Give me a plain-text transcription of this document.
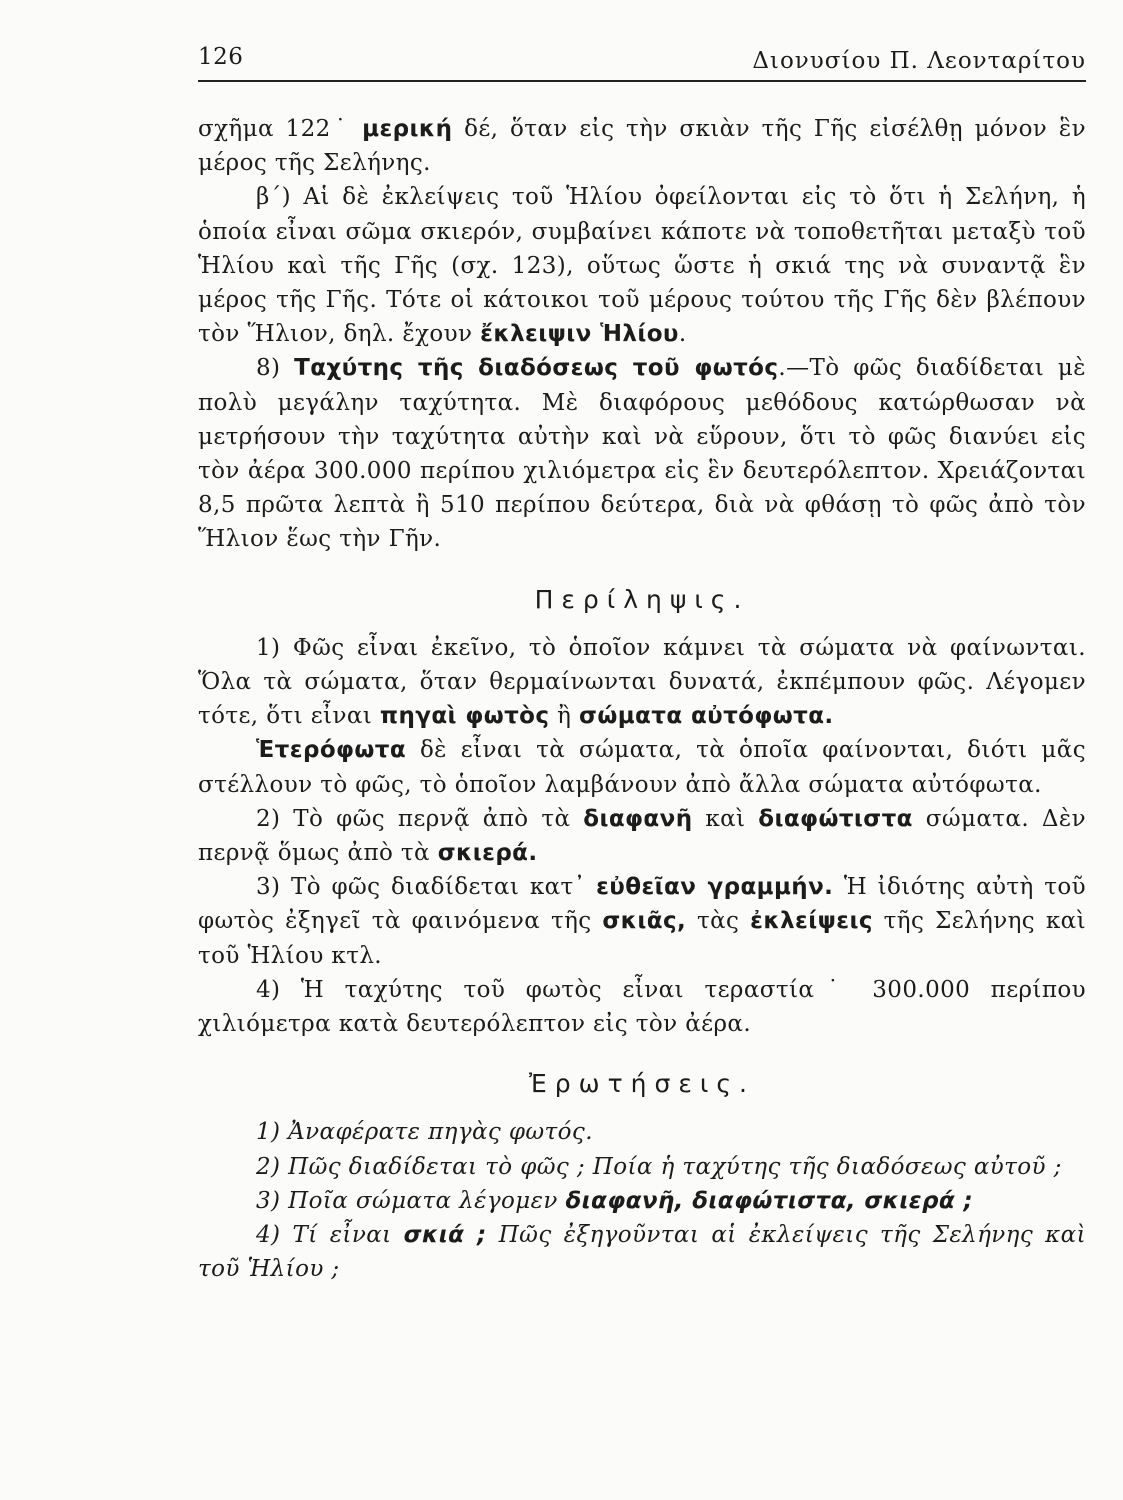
126	Διονυσίου Π. Λεονταρίτου

σχῆμα 122˙ μερική δέ, ὅταν εἰς τὴν σκιὰν τῆς Γῆς εἰσέλθῃ μόνον ἓν μέρος τῆς Σελήνης.

β΄) Αἱ δὲ ἐκλείψεις τοῦ Ἡλίου ὀφείλονται εἰς τὸ ὅτι ἡ Σελήνη, ἡ ὁποία εἶναι σῶμα σκιερόν, συμβαίνει κάποτε νὰ τοποθετῆται μεταξὺ τοῦ Ἡλίου καὶ τῆς Γῆς (σχ. 123), οὕτως ὥστε ἡ σκιά της νὰ συναντᾷ ἓν μέρος τῆς Γῆς. Τότε οἱ κάτοικοι τοῦ μέρους τούτου τῆς Γῆς δὲν βλέπουν τὸν Ἥλιον, δηλ. ἔχουν ἔκλειψιν Ἡλίου.

8) Ταχύτης τῆς διαδόσεως τοῦ φωτός.—Τὸ φῶς διαδίδεται μὲ πολὺ μεγάλην ταχύτητα. Μὲ διαφόρους μεθόδους κατώρθωσαν νὰ μετρήσουν τὴν ταχύτητα αὐτὴν καὶ νὰ εὕρουν, ὅτι τὸ φῶς διανύει εἰς τὸν ἀέρα 300.000 περίπου χιλιόμετρα εἰς ἓν δευτερόλεπτον. Χρειάζονται 8,5 πρῶτα λεπτὰ ἢ 510 περίπου δεύτερα, διὰ νὰ φθάσῃ τὸ φῶς ἀπὸ τὸν Ἥλιον ἕως τὴν Γῆν.

Περίληψις.

1) Φῶς εἶναι ἐκεῖνο, τὸ ὁποῖον κάμνει τὰ σώματα νὰ φαίνωνται. Ὅλα τὰ σώματα, ὅταν θερμαίνωνται δυνατά, ἐκπέμπουν φῶς. Λέγομεν τότε, ὅτι εἶναι πηγαὶ φωτὸς ἢ σώματα αὐτόφωτα.

Ἑτερόφωτα δὲ εἶναι τὰ σώματα, τὰ ὁποῖα φαίνονται, διότι μᾶς στέλλουν τὸ φῶς, τὸ ὁποῖον λαμβάνουν ἀπὸ ἄλλα σώματα αὐτόφωτα.

2) Τὸ φῶς περνᾷ ἀπὸ τὰ διαφανῆ καὶ διαφώτιστα σώματα. Δὲν περνᾷ ὅμως ἀπὸ τὰ σκιερά.

3) Τὸ φῶς διαδίδεται κατ᾽ εὐθεῖαν γραμμήν. Ἡ ἰδιότης αὐτὴ τοῦ φωτὸς ἐξηγεῖ τὰ φαινόμενα τῆς σκιᾶς, τὰς ἐκλείψεις τῆς Σελήνης καὶ τοῦ Ἡλίου κτλ.

4) Ἡ ταχύτης τοῦ φωτὸς εἶναι τεραστία˙ 300.000 περίπου χιλιόμετρα κατὰ δευτερόλεπτον εἰς τὸν ἀέρα.

Ἐρωτήσεις.

1) Ἀναφέρατε πηγὰς φωτός.

2) Πῶς διαδίδεται τὸ φῶς ; Ποία ἡ ταχύτης τῆς διαδόσεως αὐτοῦ ;

3) Ποῖα σώματα λέγομεν διαφανῆ, διαφώτιστα, σκιερά ;

4) Τί εἶναι σκιά ; Πῶς ἐξηγοῦνται αἱ ἐκλείψεις τῆς Σελήνης καὶ τοῦ Ἡλίου ;
